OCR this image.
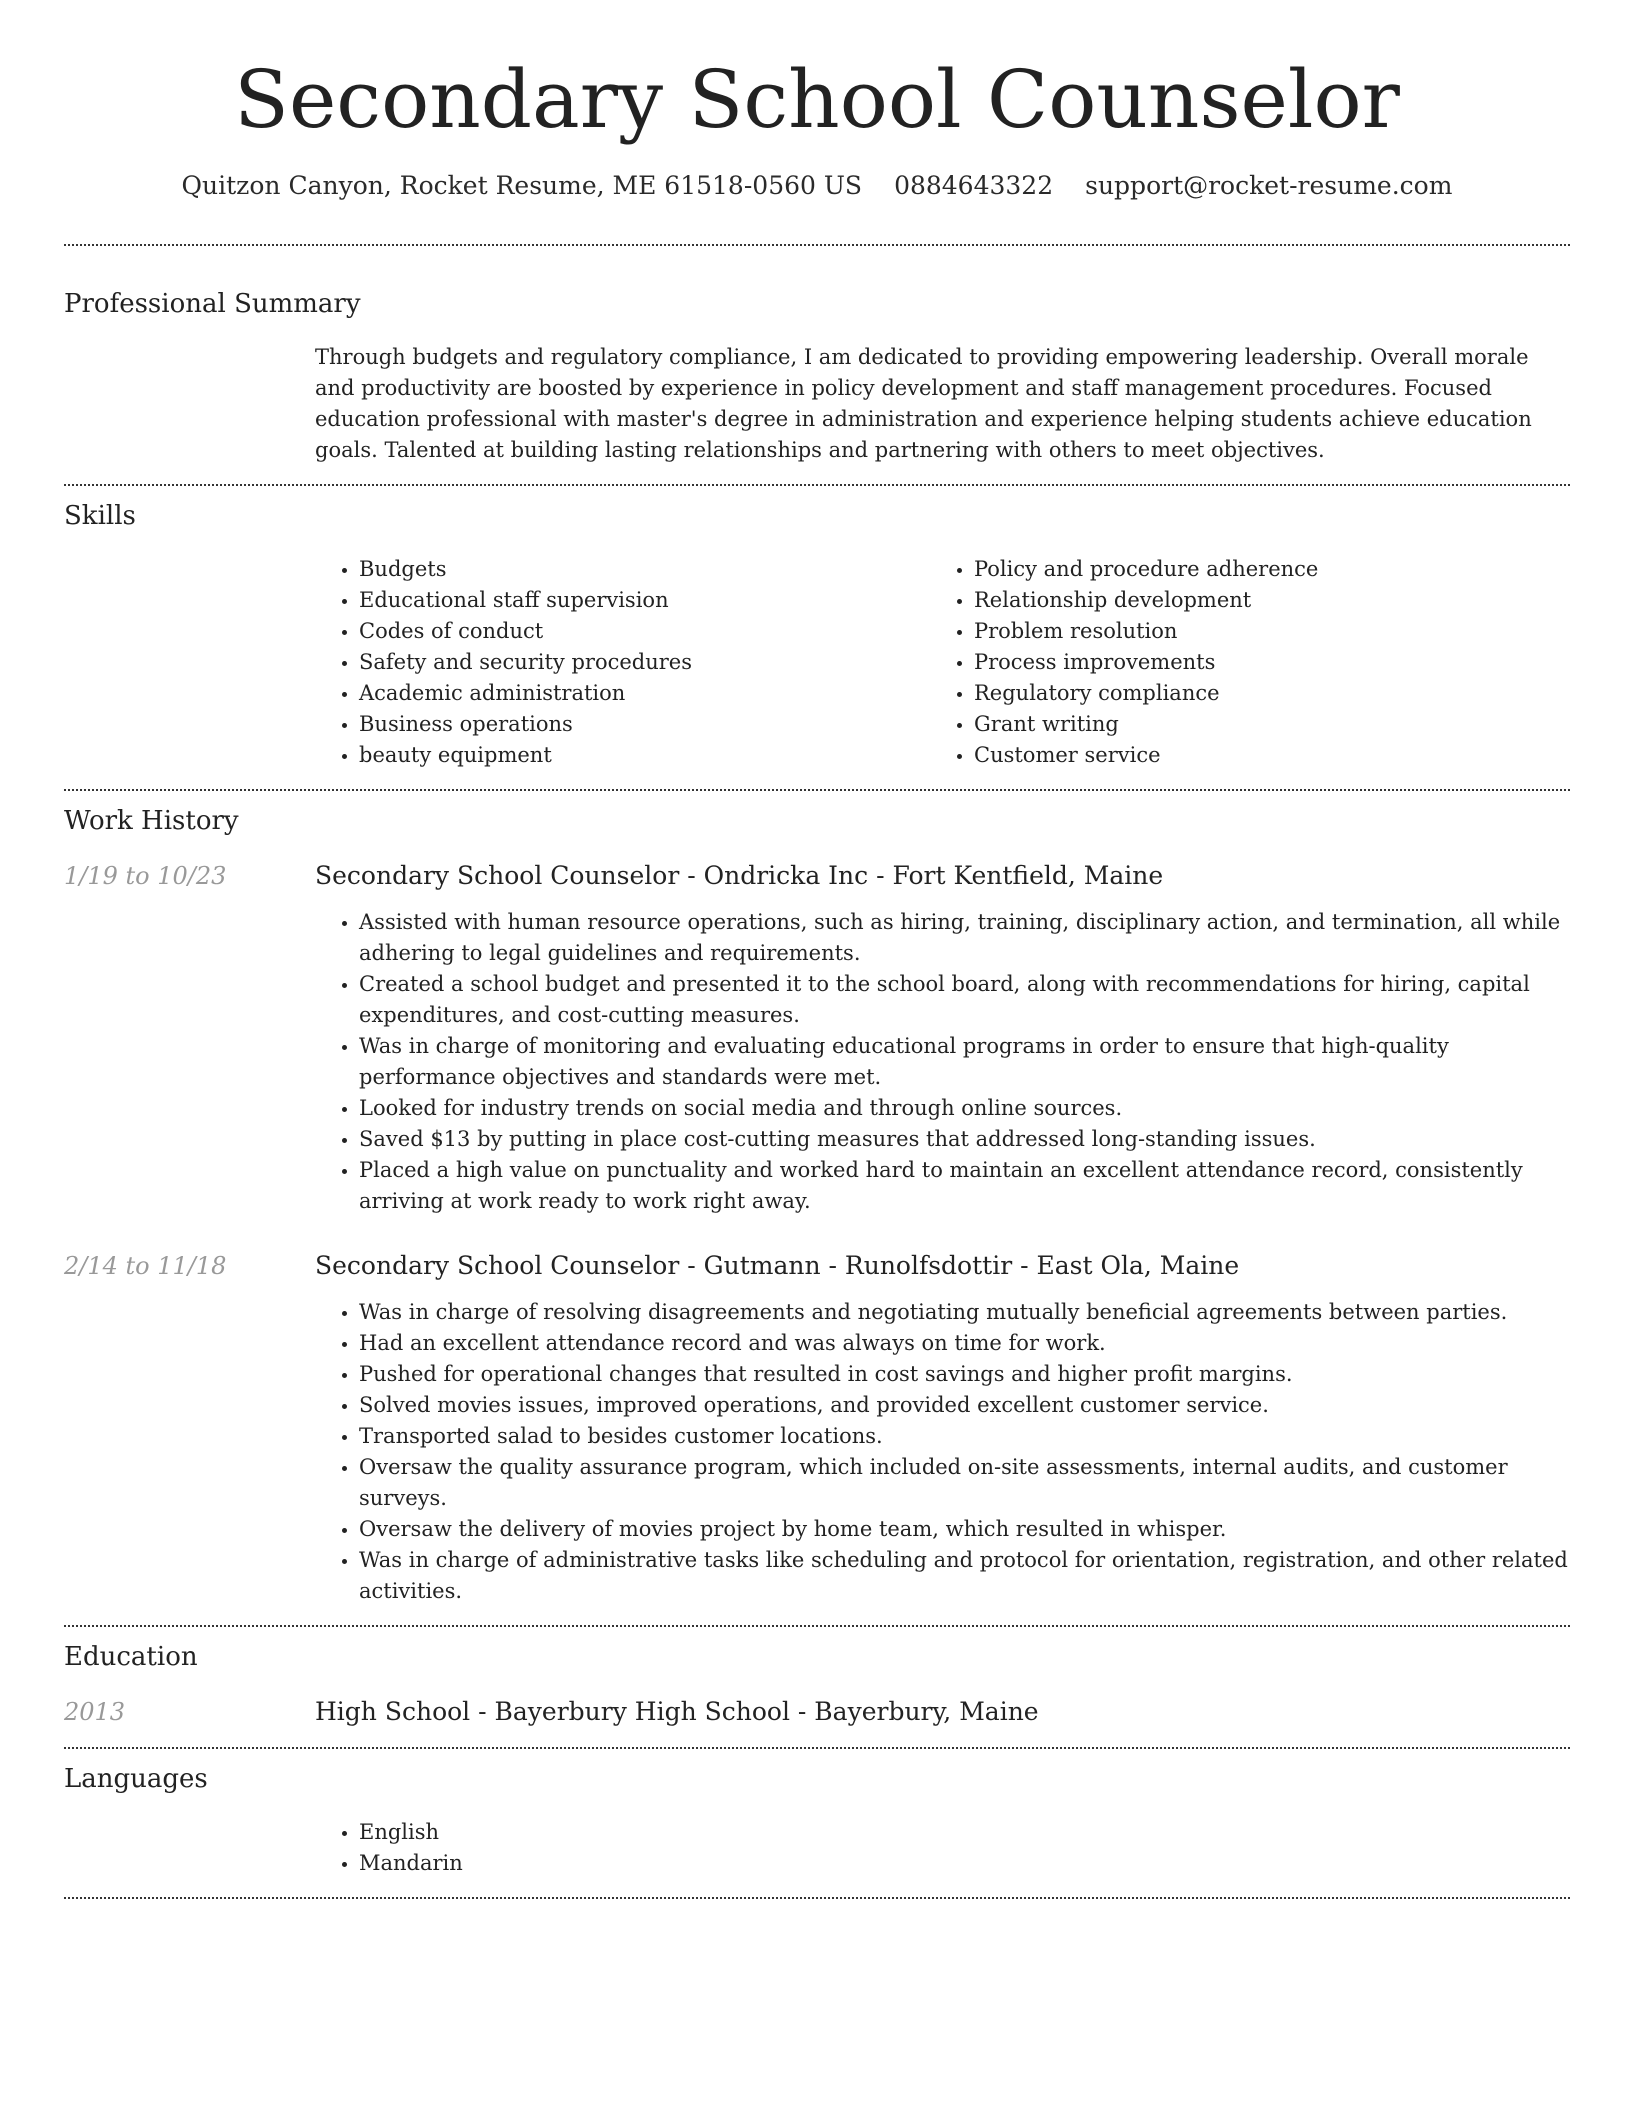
Secondary School Counselor
Quitzon Canyon, Rocket Resume, ME 61518-0560 US 0884643322 support@rocket-resume.com
Professional Summary

Through budgets and regulatory compliance, I am dedicated to providing empowering leadership. Overall morale and productivity are boosted by experience in policy development and staff management procedures. Focused education professional with master's degree in administration and experience helping students achieve education goals. Talented at building lasting relationships and partnering with others to meet objectives.

Skills
• Budgets
• Educational staff supervision
• Codes of conduct
• Safety and security procedures
• Academic administration
• Business operations
• beauty equipment
• Policy and procedure adherence
• Relationship development
• Problem resolution
• Process improvements
• Regulatory compliance
• Grant writing
• Customer service
Work History
1/19 to 10/23	Secondary School Counselor - Ondricka Inc - Fort Kentfield, Maine
• Assisted with human resource operations, such as hiring, training, disciplinary action, and termination, all while adhering to legal guidelines and requirements.
• Created a school budget and presented it to the school board, along with recommendations for hiring, capital expenditures, and cost-cutting measures.
• Was in charge of monitoring and evaluating educational programs in order to ensure that high-quality performance objectives and standards were met.
• Looked for industry trends on social media and through online sources.
• Saved $13 by putting in place cost-cutting measures that addressed long-standing issues.
• Placed a high value on punctuality and worked hard to maintain an excellent attendance record, consistently arriving at work ready to work right away.
2/14 to 11/18	Secondary School Counselor - Gutmann - Runolfsdottir - East Ola, Maine
• Was in charge of resolving disagreements and negotiating mutually beneficial agreements between parties.
• Had an excellent attendance record and was always on time for work.
• Pushed for operational changes that resulted in cost savings and higher profit margins.
• Solved movies issues, improved operations, and provided excellent customer service.
• Transported salad to besides customer locations.
• Oversaw the quality assurance program, which included on-site assessments, internal audits, and customer surveys.
• Oversaw the delivery of movies project by home team, which resulted in whisper.
• Was in charge of administrative tasks like scheduling and protocol for orientation, registration, and other related activities.
Education
2013	High School - Bayerbury High School - Bayerbury, Maine
Languages
• English
• Mandarin
